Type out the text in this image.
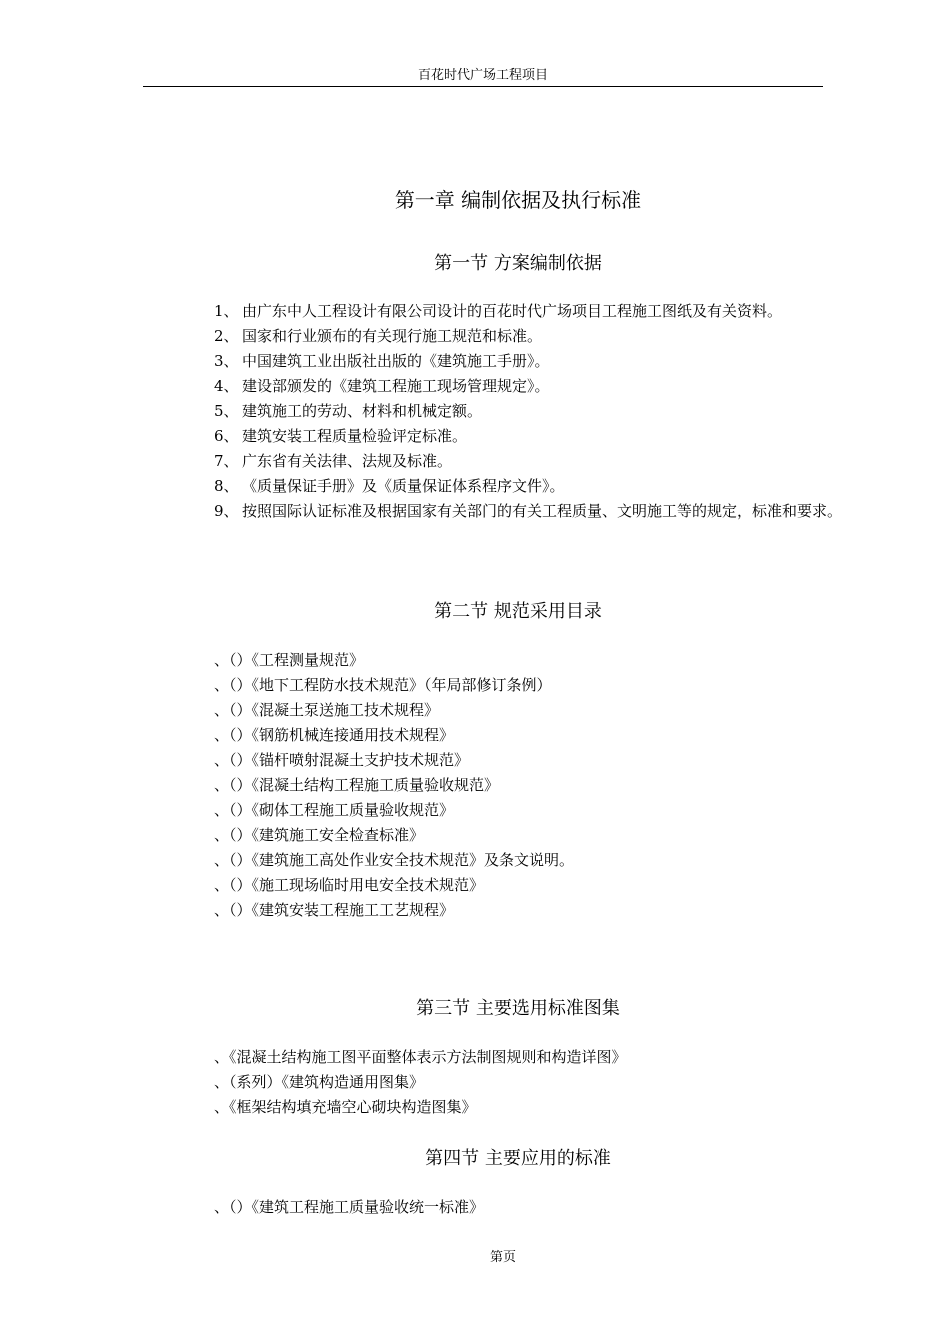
百花时代广场工程项目
第一章 编制依据及执行标准
第一节 方案编制依据
1、 由广东中人工程设计有限公司设计的百花时代广场项目工程施工图纸及有关资料。
2、 国家和行业颁布的有关现行施工规范和标准。
3、 中国建筑工业出版社出版的《建筑施工手册》。
4、 建设部颁发的《建筑工程施工现场管理规定》。
5、 建筑施工的劳动、材料和机械定额。
6、 建筑安装工程质量检验评定标准。
7、 广东省有关法律、法规及标准。
8、 《质量保证手册》及《质量保证体系程序文件》。
9、 按照国际认证标准及根据国家有关部门的有关工程质量、文明施工等的规定，标准和要求。
第二节 规范采用目录
、（）《工程测量规范》
、（）《地下工程防水技术规范》（年局部修订条例）
、（）《混凝土泵送施工技术规程》
、（）《钢筋机械连接通用技术规程》
、（）《锚杆喷射混凝土支护技术规范》
、（）《混凝土结构工程施工质量验收规范》
、（）《砌体工程施工质量验收规范》
、（）《建筑施工安全检查标准》
、（）《建筑施工高处作业安全技术规范》及条文说明。
、（）《施工现场临时用电安全技术规范》
、（）《建筑安装工程施工工艺规程》
第三节 主要选用标准图集
、《混凝土结构施工图平面整体表示方法制图规则和构造详图》
、（系列）《建筑构造通用图集》
、《框架结构填充墙空心砌块构造图集》
第四节 主要应用的标准
、（）《建筑工程施工质量验收统一标准》
第页
